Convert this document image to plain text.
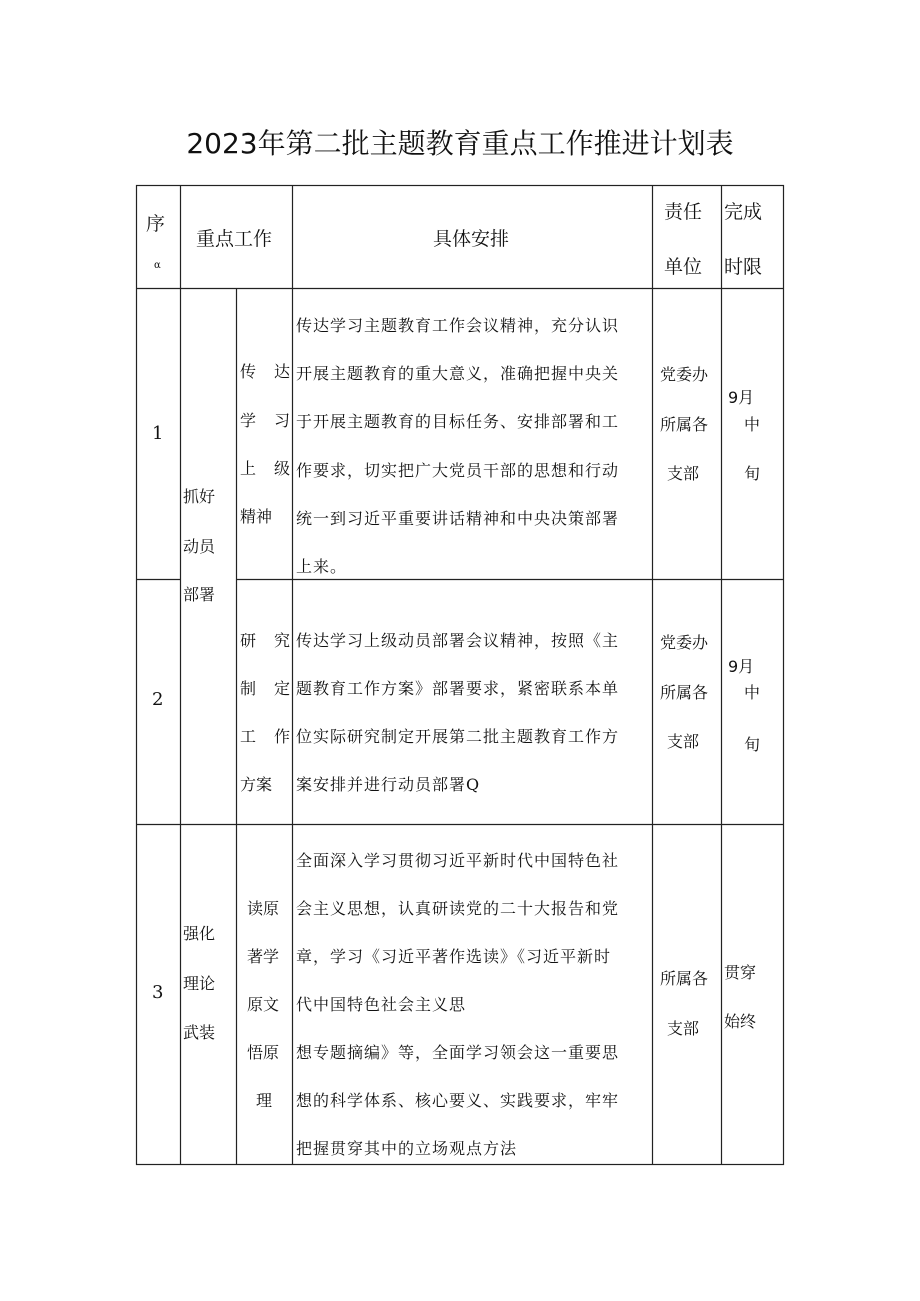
2023年第二批主题教育重点工作推进计划表
序
α
重点工作	具体安排
责任
单位
完成
时限
1
2
3
抓好
动员
部署
强化
理论
武装
传 达
学 习
上 级
精神
研 究
制 定
工 作
方案
读原
著学
原文
悟原
理
传达学习主题教育工作会议精神，充分认识
开展主题教育的重大意义，准确把握中央关
于开展主题教育的目标任务、安排部署和工
作要求，切实把广大党员干部的思想和行动
统一到习近平重要讲话精神和中央决策部署
上来。
传达学习上级动员部署会议精神，按照《主
题教育工作方案》部署要求，紧密联系本单
位实际研究制定开展第二批主题教育工作方
案安排并进行动员部署Q
全面深入学习贯彻习近平新时代中国特色社
会主义思想，认真研读党的二十大报告和党
章，学习《习近平著作选读》《习近平新时
代中国特色社会主义思
想专题摘编》等，全面学习领会这一重要思
想的科学体系、核心要义、实践要求，牢牢
把握贯穿其中的立场观点方法
党委办
所属各
支部
党委办
所属各
支部
所属各
支部
9月
中
旬
9月
中
旬
贯穿
始终
